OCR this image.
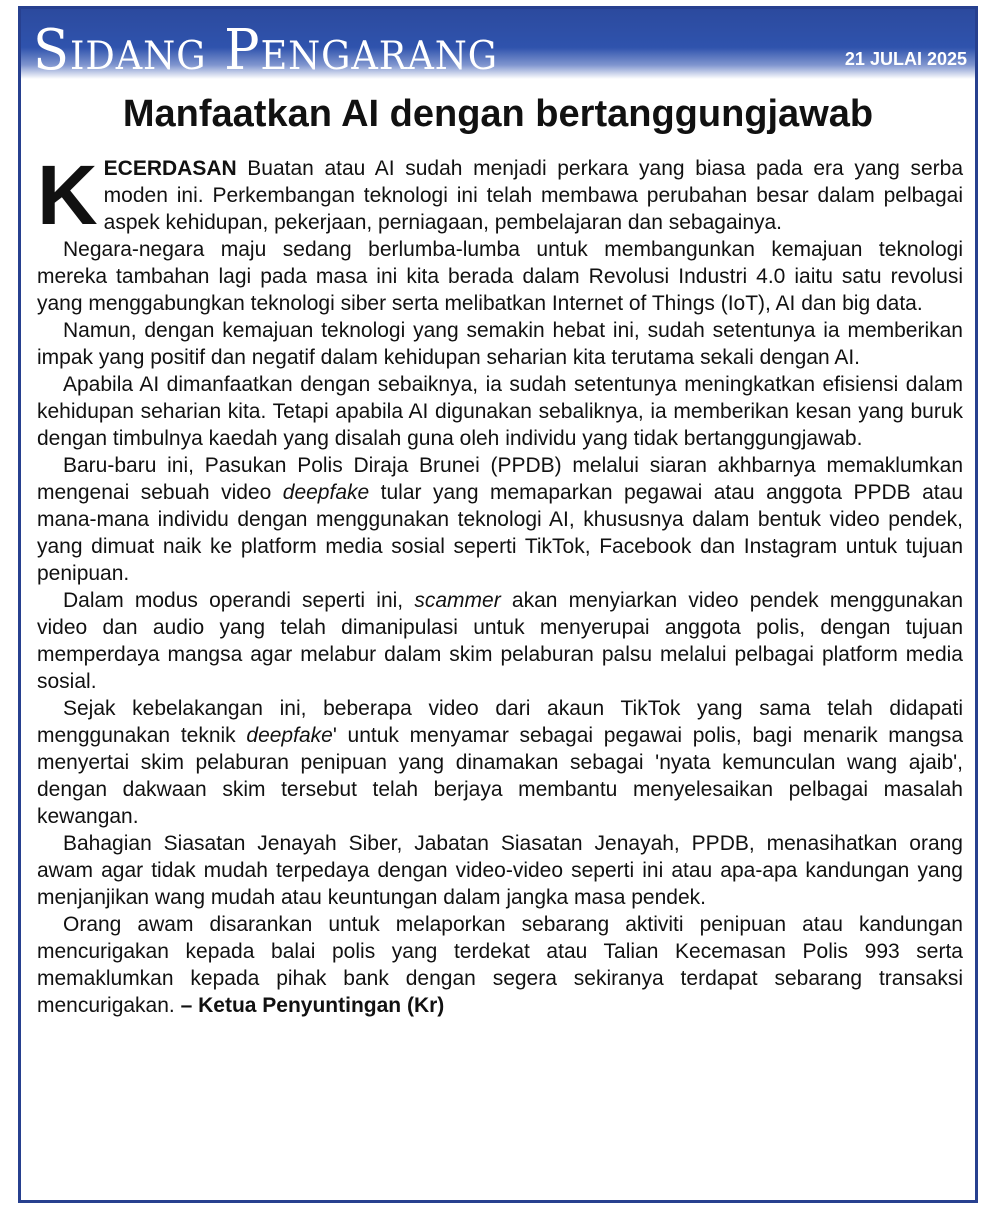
Sidang Pengarang	21 JULAI 2025
Manfaatkan AI dengan bertanggungjawab

KECERDASAN Buatan atau AI sudah menjadi perkara yang biasa pada era yang serba moden ini. Perkembangan teknologi ini telah membawa perubahan besar dalam pelbagai aspek kehidupan, pekerjaan, perniagaan, pembelajaran dan sebagainya.

Negara-negara maju sedang berlumba-lumba untuk membangunkan kemajuan teknologi mereka tambahan lagi pada masa ini kita berada dalam Revolusi Industri 4.0 iaitu satu revolusi yang menggabungkan teknologi siber serta melibatkan Internet of Things (IoT), AI dan big data.

Namun, dengan kemajuan teknologi yang semakin hebat ini, sudah setentunya ia memberikan impak yang positif dan negatif dalam kehidupan seharian kita terutama sekali dengan AI.

Apabila AI dimanfaatkan dengan sebaiknya, ia sudah setentunya meningkatkan efisiensi dalam kehidupan seharian kita. Tetapi apabila AI digunakan sebaliknya, ia memberikan kesan yang buruk dengan timbulnya kaedah yang disalah guna oleh individu yang tidak bertanggungjawab.

Baru-baru ini, Pasukan Polis Diraja Brunei (PPDB) melalui siaran akhbarnya memaklumkan mengenai sebuah video deepfake tular yang memaparkan pegawai atau anggota PPDB atau mana-mana individu dengan menggunakan teknologi AI, khususnya dalam bentuk video pendek, yang dimuat naik ke platform media sosial seperti TikTok, Facebook dan Instagram untuk tujuan penipuan.

Dalam modus operandi seperti ini, scammer akan menyiarkan video pendek menggunakan video dan audio yang telah dimanipulasi untuk menyerupai anggota polis, dengan tujuan memperdaya mangsa agar melabur dalam skim pelaburan palsu melalui pelbagai platform media sosial.

Sejak kebelakangan ini, beberapa video dari akaun TikTok yang sama telah didapati menggunakan teknik deepfake' untuk menyamar sebagai pegawai polis, bagi menarik mangsa menyertai skim pelaburan penipuan yang dinamakan sebagai 'nyata kemunculan wang ajaib', dengan dakwaan skim tersebut telah berjaya membantu menyelesaikan pelbagai masalah kewangan.

Bahagian Siasatan Jenayah Siber, Jabatan Siasatan Jenayah, PPDB, menasihatkan orang awam agar tidak mudah terpedaya dengan video-video seperti ini atau apa-apa kandungan yang menjanjikan wang mudah atau keuntungan dalam jangka masa pendek.

Orang awam disarankan untuk melaporkan sebarang aktiviti penipuan atau kandungan mencurigakan kepada balai polis yang terdekat atau Talian Kecemasan Polis 993 serta memaklumkan kepada pihak bank dengan segera sekiranya terdapat sebarang transaksi mencurigakan. – Ketua Penyuntingan (Kr)
